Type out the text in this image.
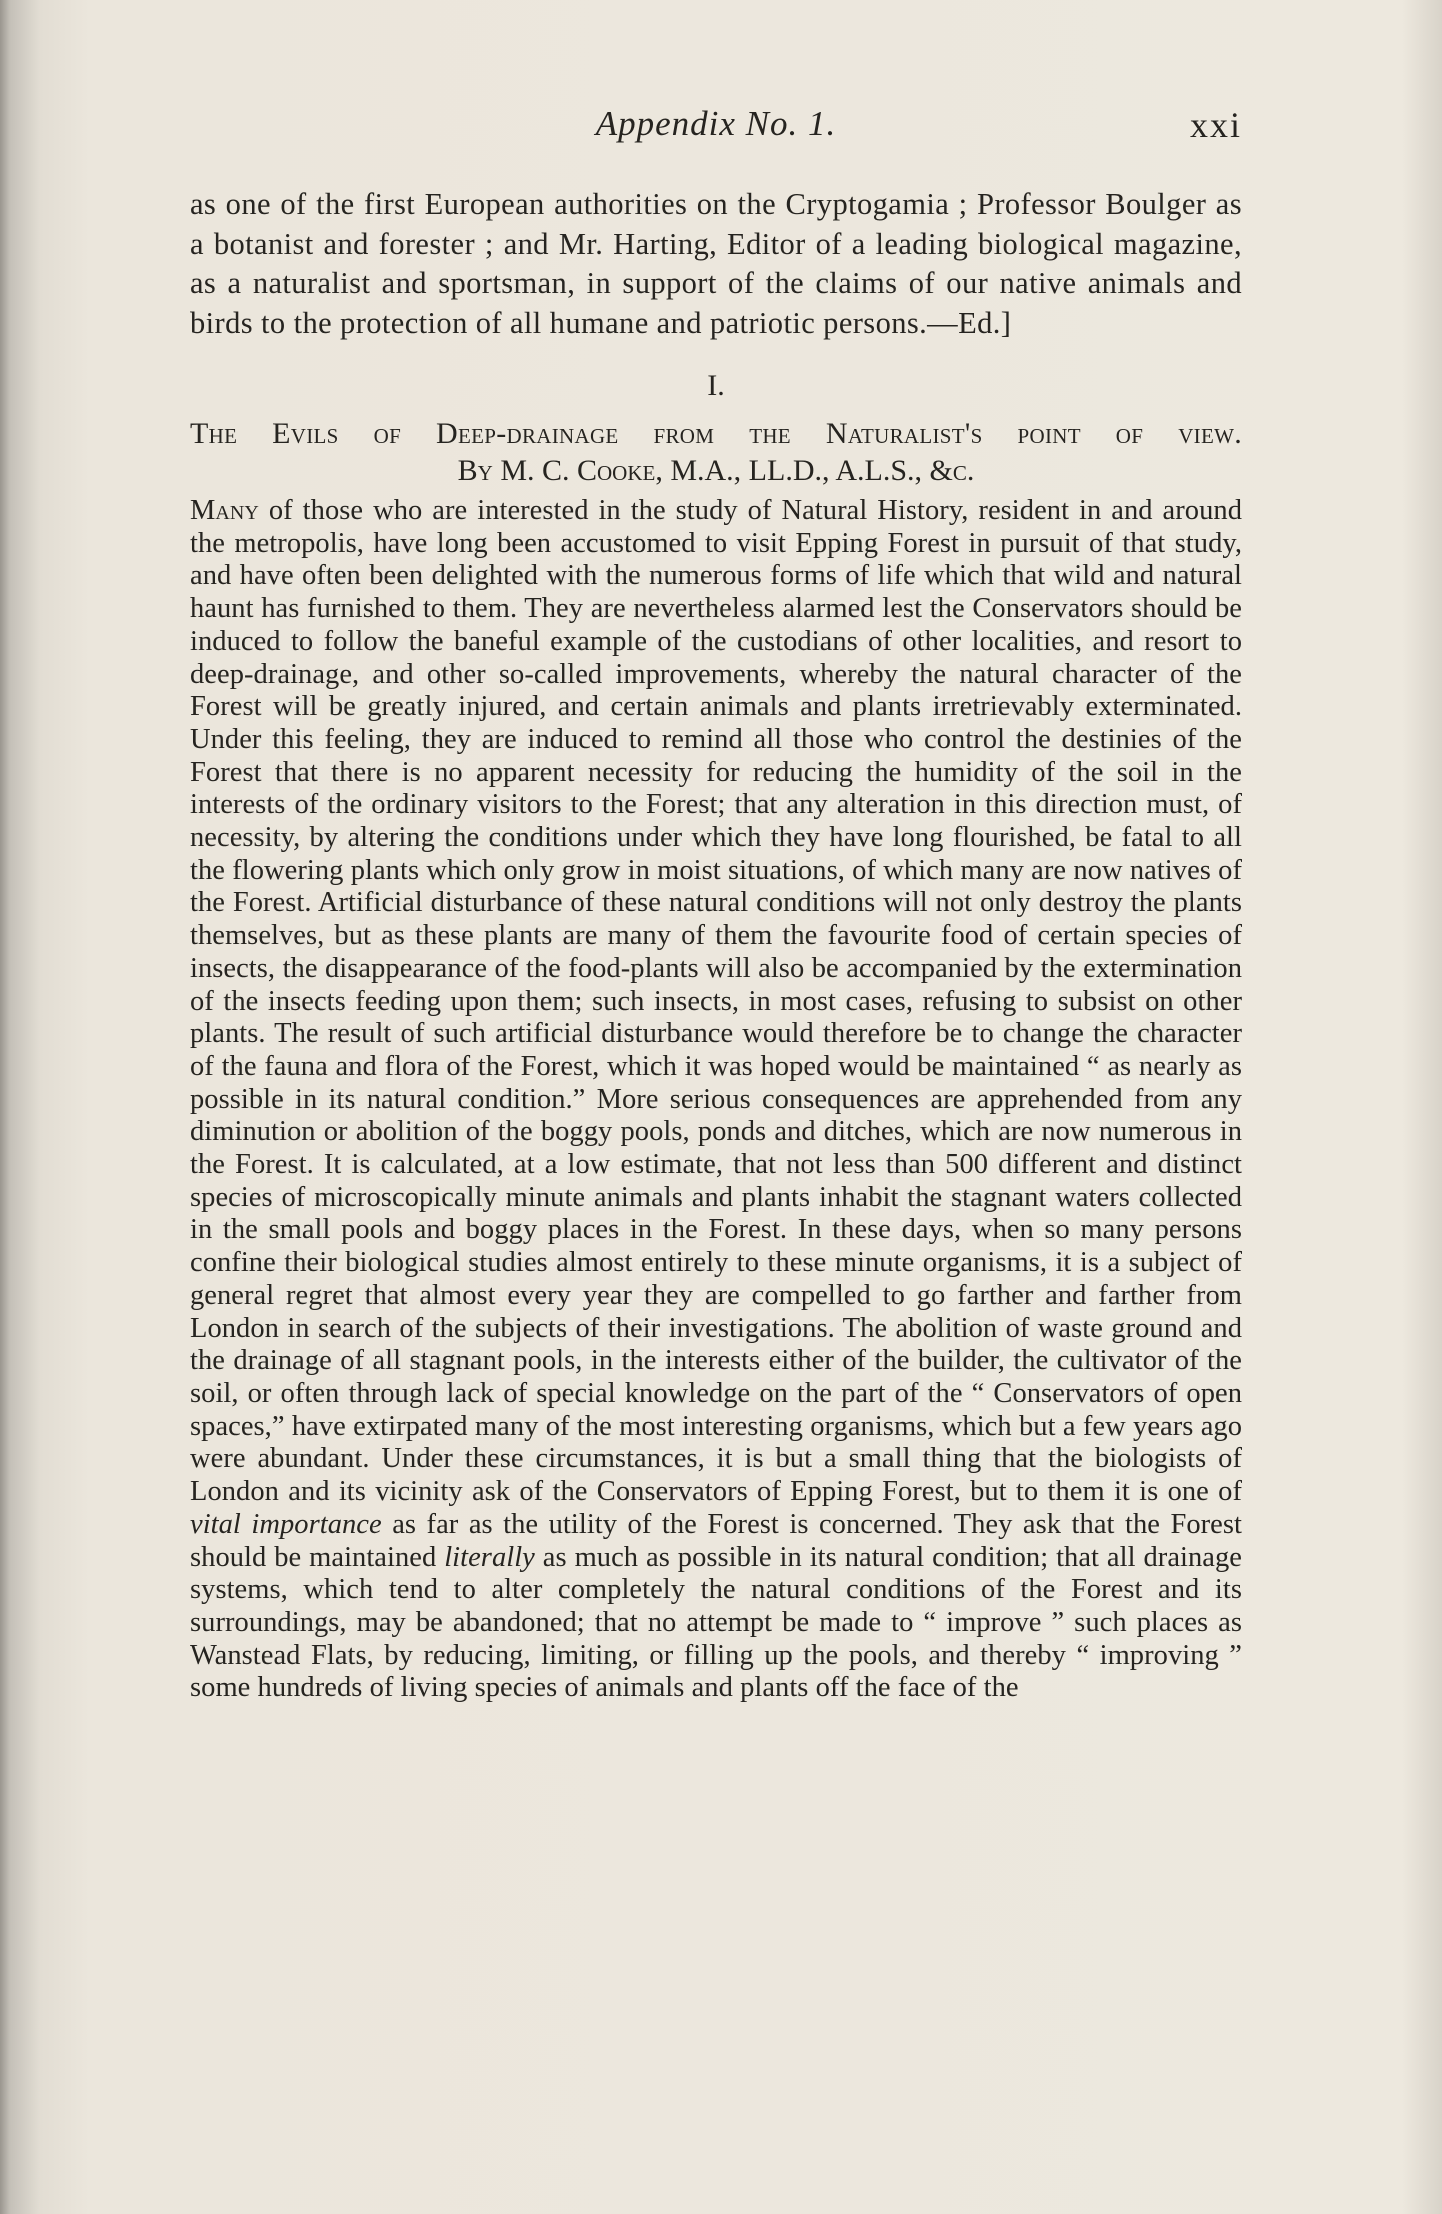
Appendix No. 1.	xxi

as one of the first European authorities on the Cryptogamia ; Professor Boulger as a botanist and forester ; and Mr. Harting, Editor of a leading biological magazine, as a naturalist and sportsman, in support of the claims of our native animals and birds to the protection of all humane and patriotic persons.—Ed.]

I.

The Evils of Deep-drainage from the Naturalist's point of view.

By M. C. Cooke, M.A., LL.D., A.L.S., &c.

Many of those who are interested in the study of Natural History, resident in and around the metropolis, have long been accustomed to visit Epping Forest in pursuit of that study, and have often been delighted with the numerous forms of life which that wild and natural haunt has furnished to them. They are nevertheless alarmed lest the Conservators should be induced to follow the baneful example of the custodians of other localities, and resort to deep-drainage, and other so-called improvements, whereby the natural character of the Forest will be greatly injured, and certain animals and plants irretrievably exterminated. Under this feeling, they are induced to remind all those who control the destinies of the Forest that there is no apparent necessity for reducing the humidity of the soil in the interests of the ordinary visitors to the Forest; that any alteration in this direction must, of necessity, by altering the conditions under which they have long flourished, be fatal to all the flowering plants which only grow in moist situations, of which many are now natives of the Forest. Artificial disturbance of these natural conditions will not only destroy the plants themselves, but as these plants are many of them the favourite food of certain species of insects, the disappearance of the food-plants will also be accompanied by the extermination of the insects feeding upon them; such insects, in most cases, refusing to subsist on other plants. The result of such artificial disturbance would therefore be to change the character of the fauna and flora of the Forest, which it was hoped would be maintained “ as nearly as possible in its natural condition.” More serious consequences are apprehended from any diminution or abolition of the boggy pools, ponds and ditches, which are now numerous in the Forest. It is calculated, at a low estimate, that not less than 500 different and distinct species of microscopically minute animals and plants inhabit the stagnant waters collected in the small pools and boggy places in the Forest. In these days, when so many persons confine their biological studies almost entirely to these minute organisms, it is a subject of general regret that almost every year they are compelled to go farther and farther from London in search of the subjects of their investigations. The abolition of waste ground and the drainage of all stagnant pools, in the interests either of the builder, the cultivator of the soil, or often through lack of special knowledge on the part of the “ Conservators of open spaces,” have extirpated many of the most interesting organisms, which but a few years ago were abundant. Under these circumstances, it is but a small thing that the biologists of London and its vicinity ask of the Conservators of Epping Forest, but to them it is one of vital importance as far as the utility of the Forest is concerned. They ask that the Forest should be maintained literally as much as possible in its natural condition; that all drainage systems, which tend to alter completely the natural conditions of the Forest and its surroundings, may be abandoned; that no attempt be made to “ improve ” such places as Wanstead Flats, by reducing, limiting, or filling up the pools, and thereby “ improving ” some hundreds of living species of animals and plants off the face of the
